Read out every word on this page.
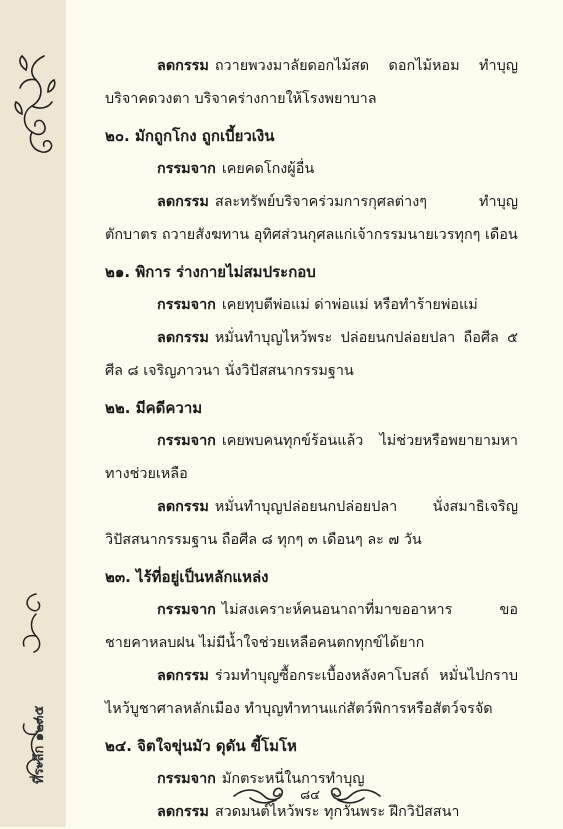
ที่ระลึก ๑๒๓๕

ลดกรรม ถวายพวงมาลัยดอกไม้สด ดอกไม้หอม ทำบุญบริจาคดวงตา บริจาคร่างกายให้โรงพยาบาล

๒๐. มักถูกโกง ถูกเบี้ยวเงิน

กรรมจาก เคยคดโกงผู้อื่น

ลดกรรม สละทรัพย์บริจาคร่วมการกุศลต่างๆ ทำบุญตักบาตร ถวายสังฆทาน อุทิศส่วนกุศลแก่เจ้ากรรมนายเวรทุกๆ เดือน

๒๑. พิการ ร่างกายไม่สมประกอบ

กรรมจาก เคยทุบตีพ่อแม่ ด่าพ่อแม่ หรือทำร้ายพ่อแม่

ลดกรรม หมั่นทำบุญไหว้พระ ปล่อยนกปล่อยปลา ถือศีล ๕ ศีล ๘ เจริญภาวนา นั่งวิปัสสนากรรมฐาน

๒๒. มีคดีความ

กรรมจาก เคยพบคนทุกข์ร้อนแล้ว ไม่ช่วยหรือพยายามหาทางช่วยเหลือ

ลดกรรม หมั่นทำบุญปล่อยนกปล่อยปลา นั่งสมาธิเจริญวิปัสสนากรรมฐาน ถือศีล ๘ ทุกๆ ๓ เดือนๆ ละ ๗ วัน

๒๓. ไร้ที่อยู่เป็นหลักแหล่ง

กรรมจาก ไม่สงเคราะห์คนอนาถาที่มาขออาหาร ขอชายคาหลบฝน ไม่มีน้ำใจช่วยเหลือคนตกทุกข์ได้ยาก

ลดกรรม ร่วมทำบุญซื้อกระเบื้องหลังคาโบสถ์ หมั่นไปกราบไหว้บูชาศาลหลักเมือง ทำบุญทำทานแก่สัตว์พิการหรือสัตว์จรจัด

๒๔. จิตใจขุ่นมัว ดุดัน ขี้โมโห

กรรมจาก มักตระหนี่ในการทำบุญ

ลดกรรม สวดมนต์ไหว้พระ ทุกวันพระ ฝึกวิปัสสนา

๘๔
